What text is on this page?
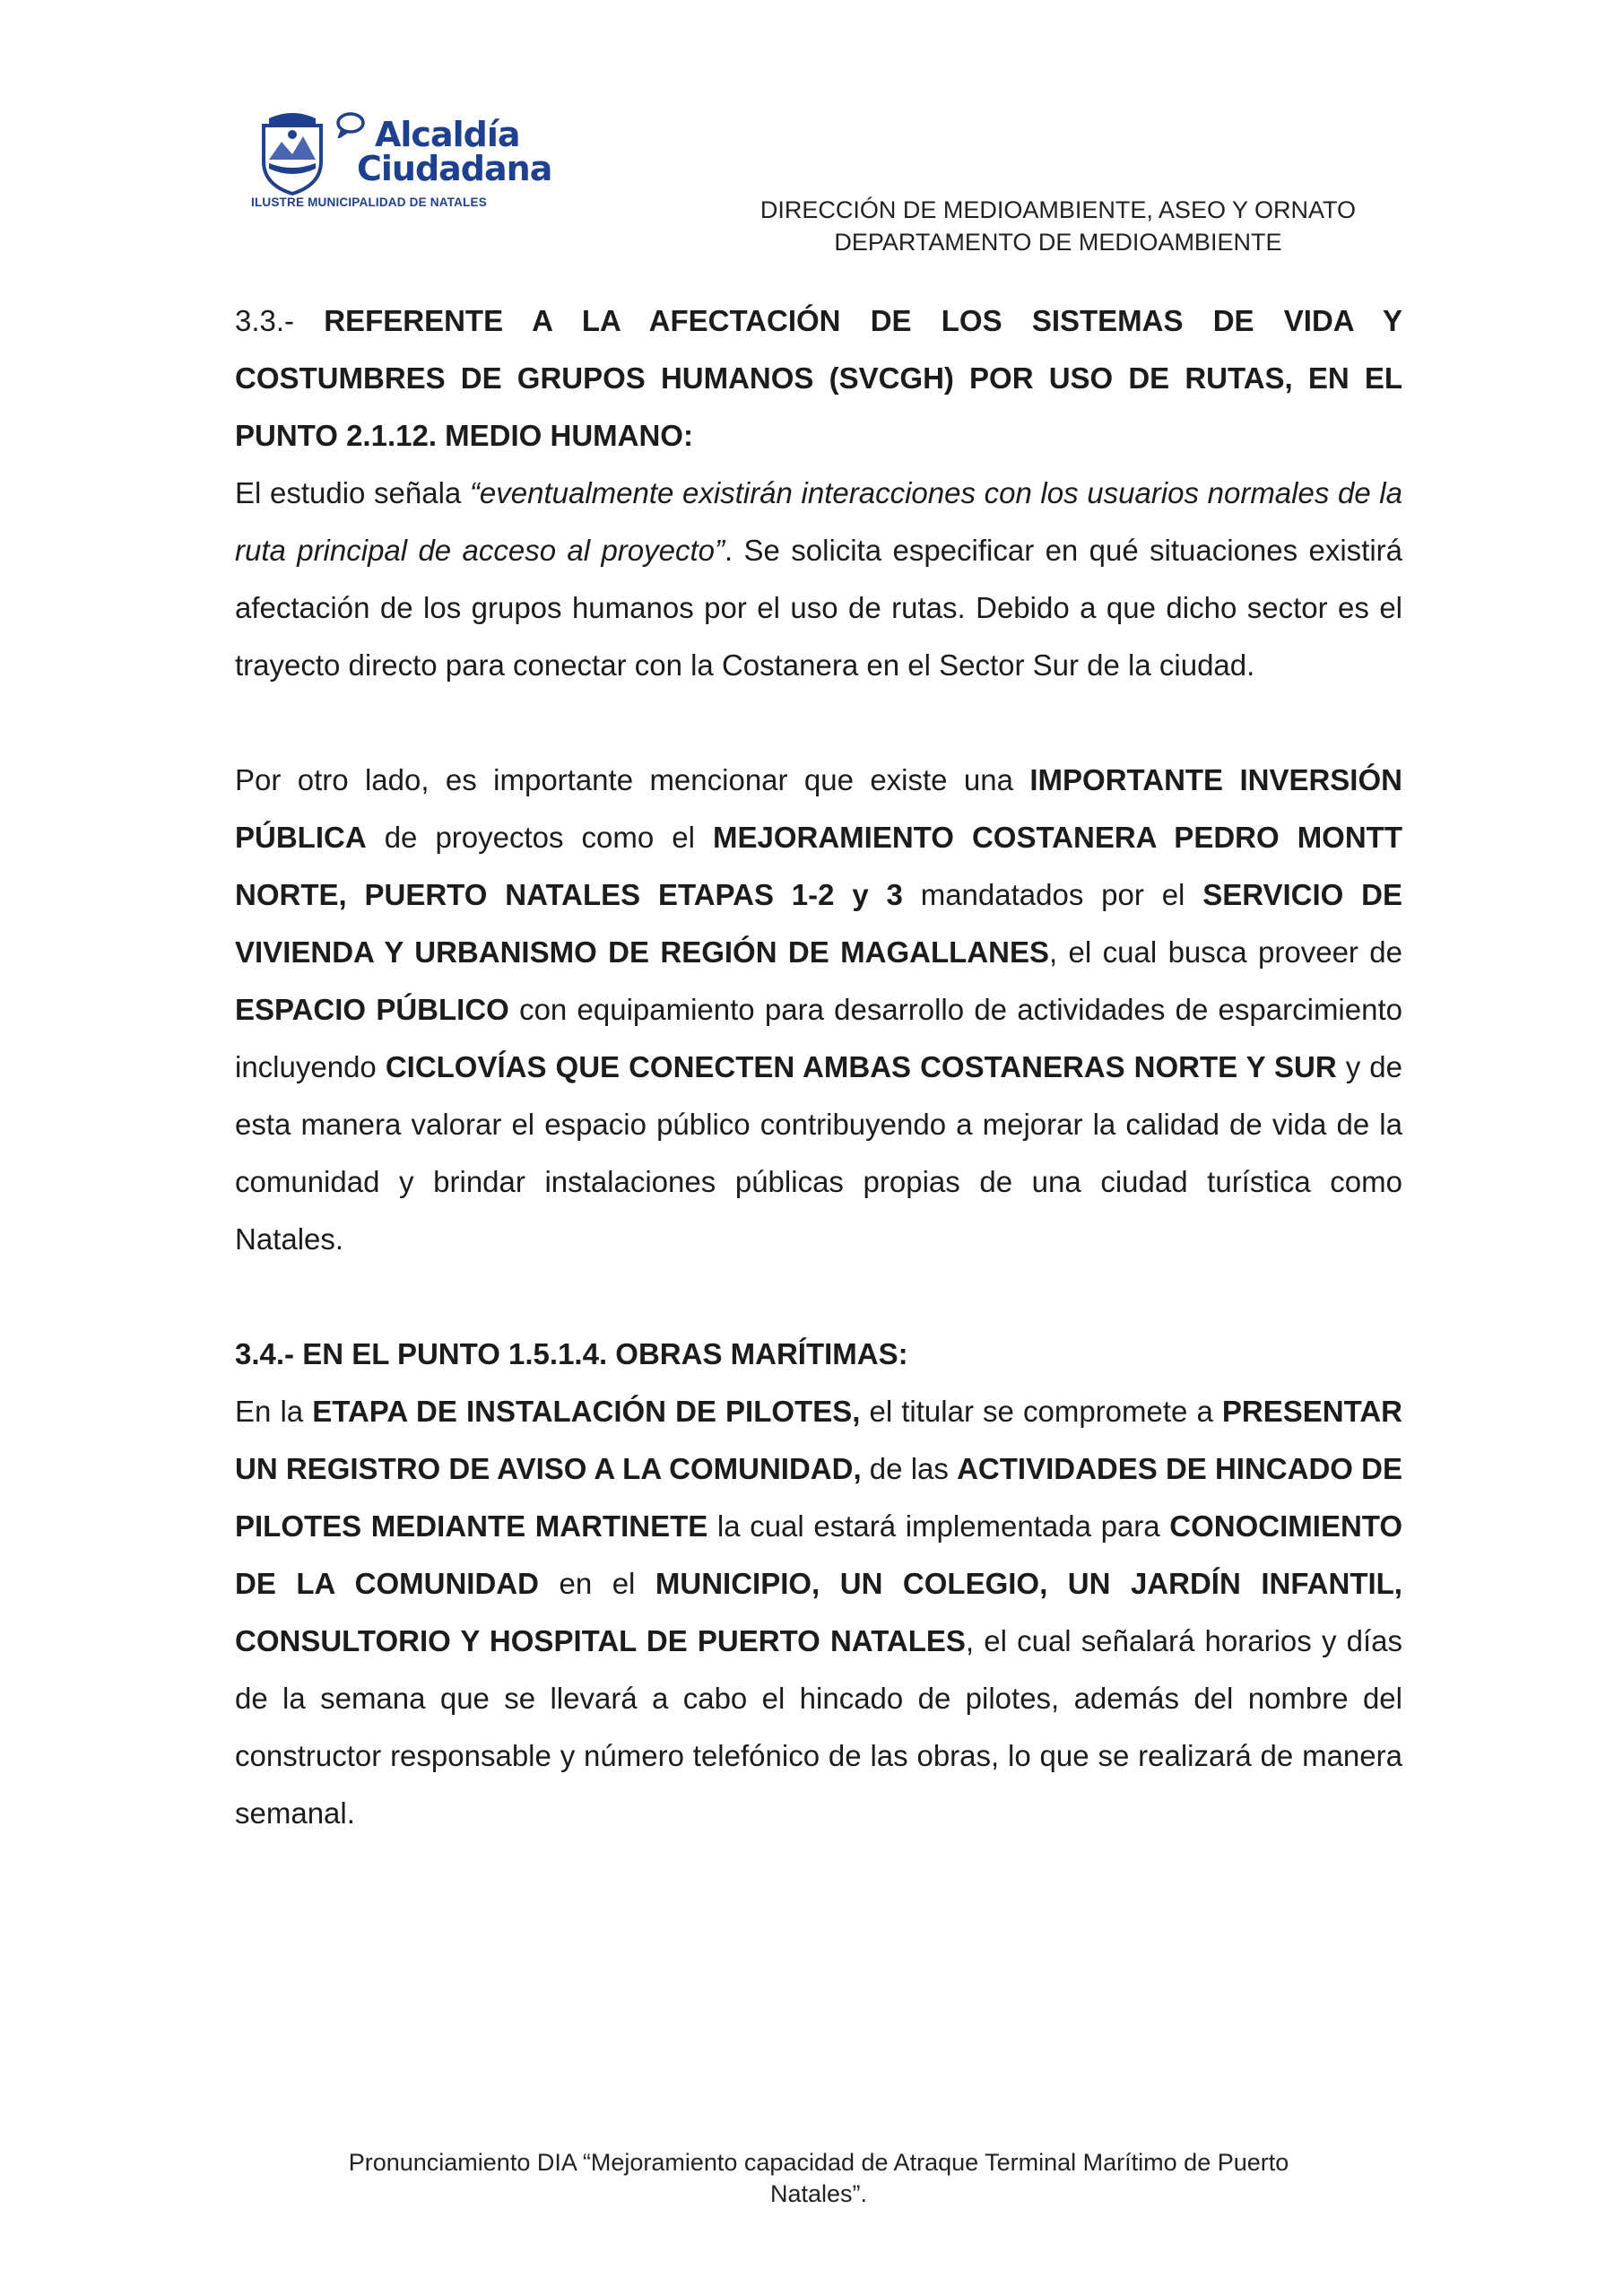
Alcaldía
Ciudadana
ILUSTRE MUNICIPALIDAD DE NATALES	DIRECCIÓN DE MEDIOAMBIENTE, ASEO Y ORNATO
DEPARTAMENTO DE MEDIOAMBIENTE

3.3.- REFERENTE A LA AFECTACIÓN DE LOS SISTEMAS DE VIDA Y COSTUMBRES DE GRUPOS HUMANOS (SVCGH) POR USO DE RUTAS, EN EL PUNTO 2.1.12. MEDIO HUMANO:

El estudio señala “eventualmente existirán interacciones con los usuarios normales de la ruta principal de acceso al proyecto”. Se solicita especificar en qué situaciones existirá afectación de los grupos humanos por el uso de rutas. Debido a que dicho sector es el trayecto directo para conectar con la Costanera en el Sector Sur de la ciudad.

Por otro lado, es importante mencionar que existe una IMPORTANTE INVERSIÓN PÚBLICA de proyectos como el MEJORAMIENTO COSTANERA PEDRO MONTT NORTE, PUERTO NATALES ETAPAS 1-2 y 3 mandatados por el SERVICIO DE VIVIENDA Y URBANISMO DE REGIÓN DE MAGALLANES, el cual busca proveer de ESPACIO PÚBLICO con equipamiento para desarrollo de actividades de esparcimiento incluyendo CICLOVÍAS QUE CONECTEN AMBAS COSTANERAS NORTE Y SUR y de esta manera valorar el espacio público contribuyendo a mejorar la calidad de vida de la comunidad y brindar instalaciones públicas propias de una ciudad turística como Natales.

3.4.- EN EL PUNTO 1.5.1.4. OBRAS MARÍTIMAS:

En la ETAPA DE INSTALACIÓN DE PILOTES, el titular se compromete a PRESENTAR UN REGISTRO DE AVISO A LA COMUNIDAD, de las ACTIVIDADES DE HINCADO DE PILOTES MEDIANTE MARTINETE la cual estará implementada para CONOCIMIENTO DE LA COMUNIDAD en el MUNICIPIO, UN COLEGIO, UN JARDÍN INFANTIL, CONSULTORIO Y HOSPITAL DE PUERTO NATALES, el cual señalará horarios y días de la semana que se llevará a cabo el hincado de pilotes, además del nombre del constructor responsable y número telefónico de las obras, lo que se realizará de manera semanal.

Pronunciamiento DIA “Mejoramiento capacidad de Atraque Terminal Marítimo de Puerto
Natales”.
